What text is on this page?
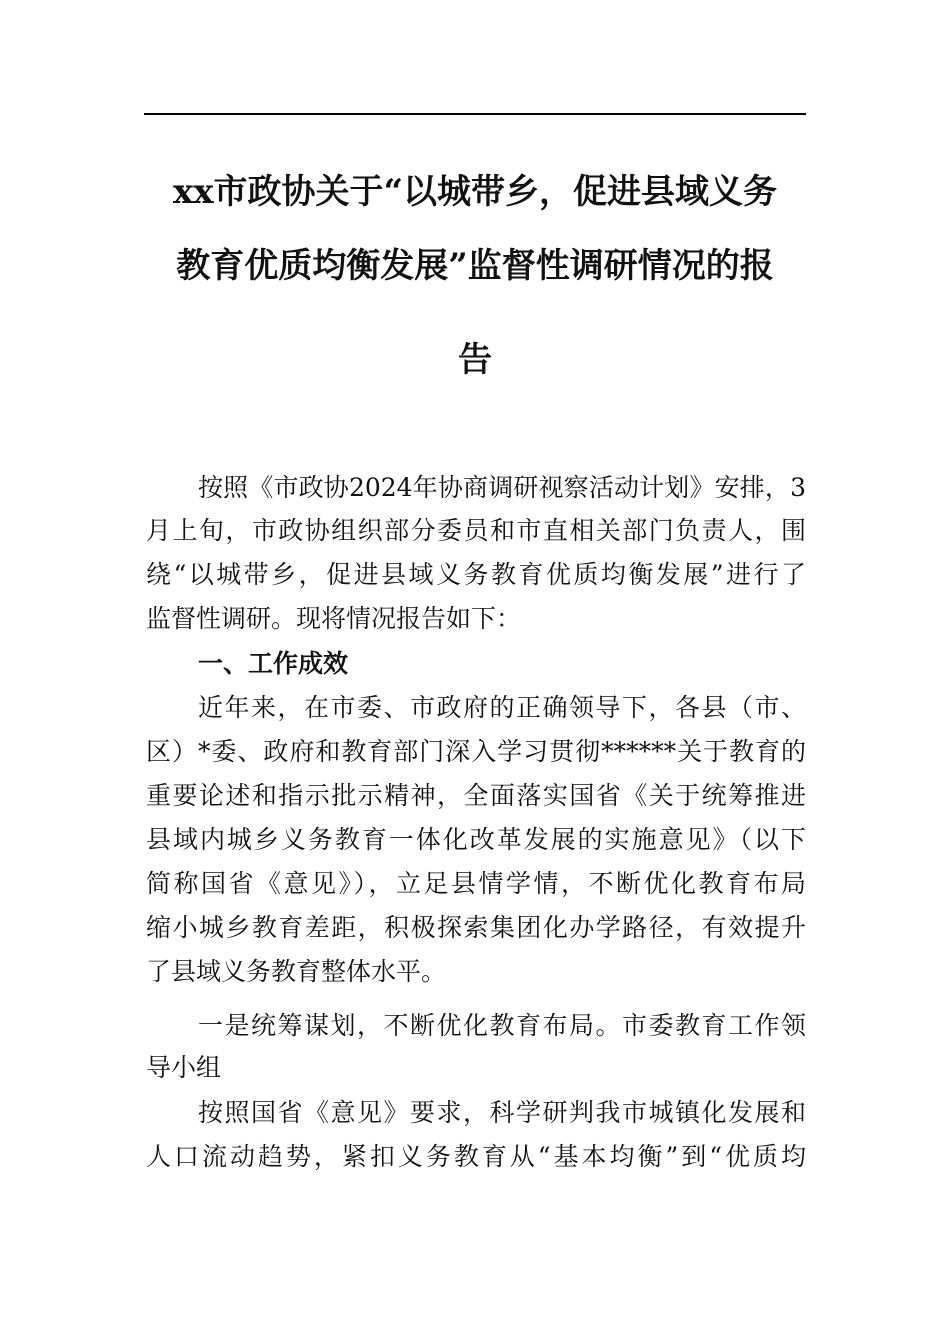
xx市政协关于“以城带乡，促进县域义务
教育优质均衡发展”监督性调研情况的报
告
按照《市政协2024年协商调研视察活动计划》安排，3
月上旬，市政协组织部分委员和市直相关部门负责人，围
绕“以城带乡，促进县域义务教育优质均衡发展”进行了
监督性调研。现将情况报告如下：
一、工作成效
近年来，在市委、市政府的正确领导下，各县（市、
区）*委、政府和教育部门深入学习贯彻******关于教育的
重要论述和指示批示精神，全面落实国省《关于统筹推进
县域内城乡义务教育一体化改革发展的实施意见》（以下
简称国省《意见》），立足县情学情，不断优化教育布局
缩小城乡教育差距，积极探索集团化办学路径，有效提升
了县域义务教育整体水平。
一是统筹谋划，不断优化教育布局。市委教育工作领
导小组
按照国省《意见》要求，科学研判我市城镇化发展和
人口流动趋势，紧扣义务教育从“基本均衡”到“优质均
